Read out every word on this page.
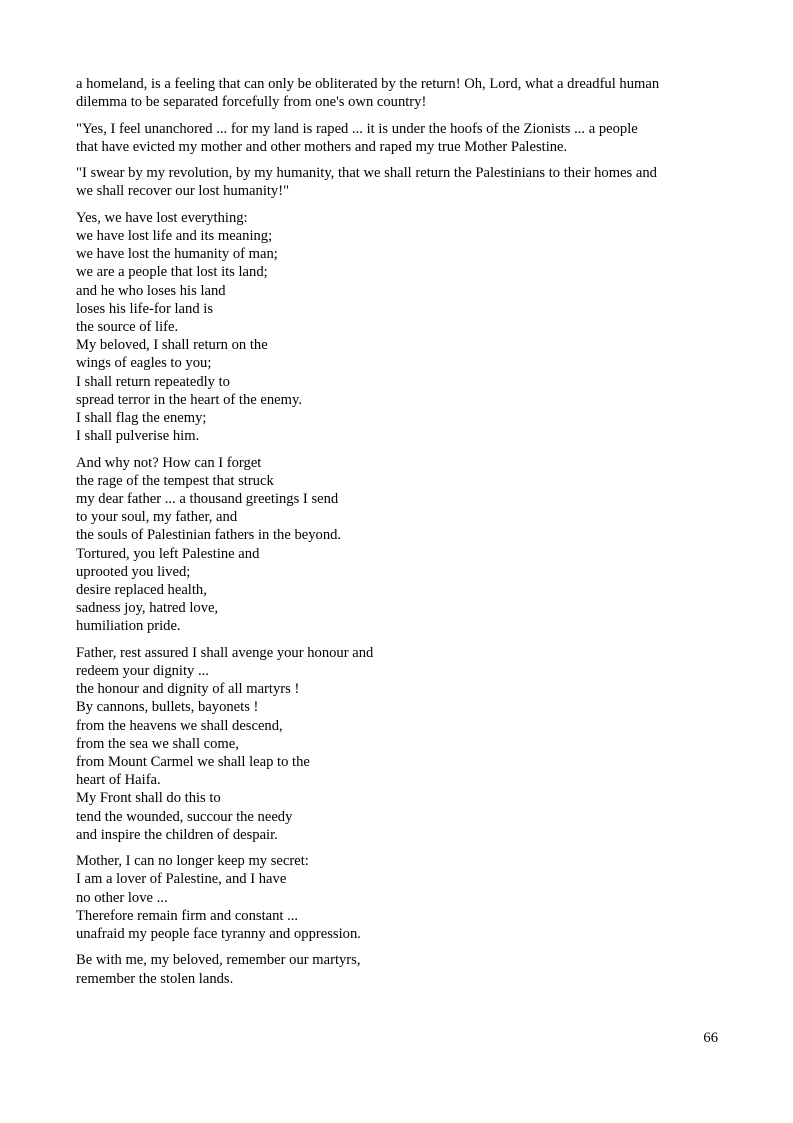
a homeland, is a feeling that can only be obliterated by the return! Oh, Lord, what a dreadful human
dilemma to be separated forcefully from one's own country!

"Yes, I feel unanchored ... for my land is raped ... it is under the hoofs of the Zionists ... a people
that have evicted my mother and other mothers and raped my true Mother Palestine.

"I swear by my revolution, by my humanity, that we shall return the Palestinians to their homes and
we shall recover our lost humanity!"

Yes, we have lost everything:
we have lost life and its meaning;
we have lost the humanity of man;
we are a people that lost its land;
and he who loses his land
loses his life-for land is
the source of life.
My beloved, I shall return on the
wings of eagles to you;
I shall return repeatedly to
spread terror in the heart of the enemy.
I shall flag the enemy;
I shall pulverise him.

And why not? How can I forget
the rage of the tempest that struck
my dear father ... a thousand greetings I send
to your soul, my father, and
the souls of Palestinian fathers in the beyond.
Tortured, you left Palestine and
uprooted you lived;
desire replaced health,
sadness joy, hatred love,
humiliation pride.

Father, rest assured I shall avenge your honour and
redeem your dignity ...
the honour and dignity of all martyrs !
By cannons, bullets, bayonets !
from the heavens we shall descend,
from the sea we shall come,
from Mount Carmel we shall leap to the
heart of Haifa.
My Front shall do this to
tend the wounded, succour the needy
and inspire the children of despair.

Mother, I can no longer keep my secret:
I am a lover of Palestine, and I have
no other love ...
Therefore remain firm and constant ...
unafraid my people face tyranny and oppression.

Be with me, my beloved, remember our martyrs,
remember the stolen lands.

66
